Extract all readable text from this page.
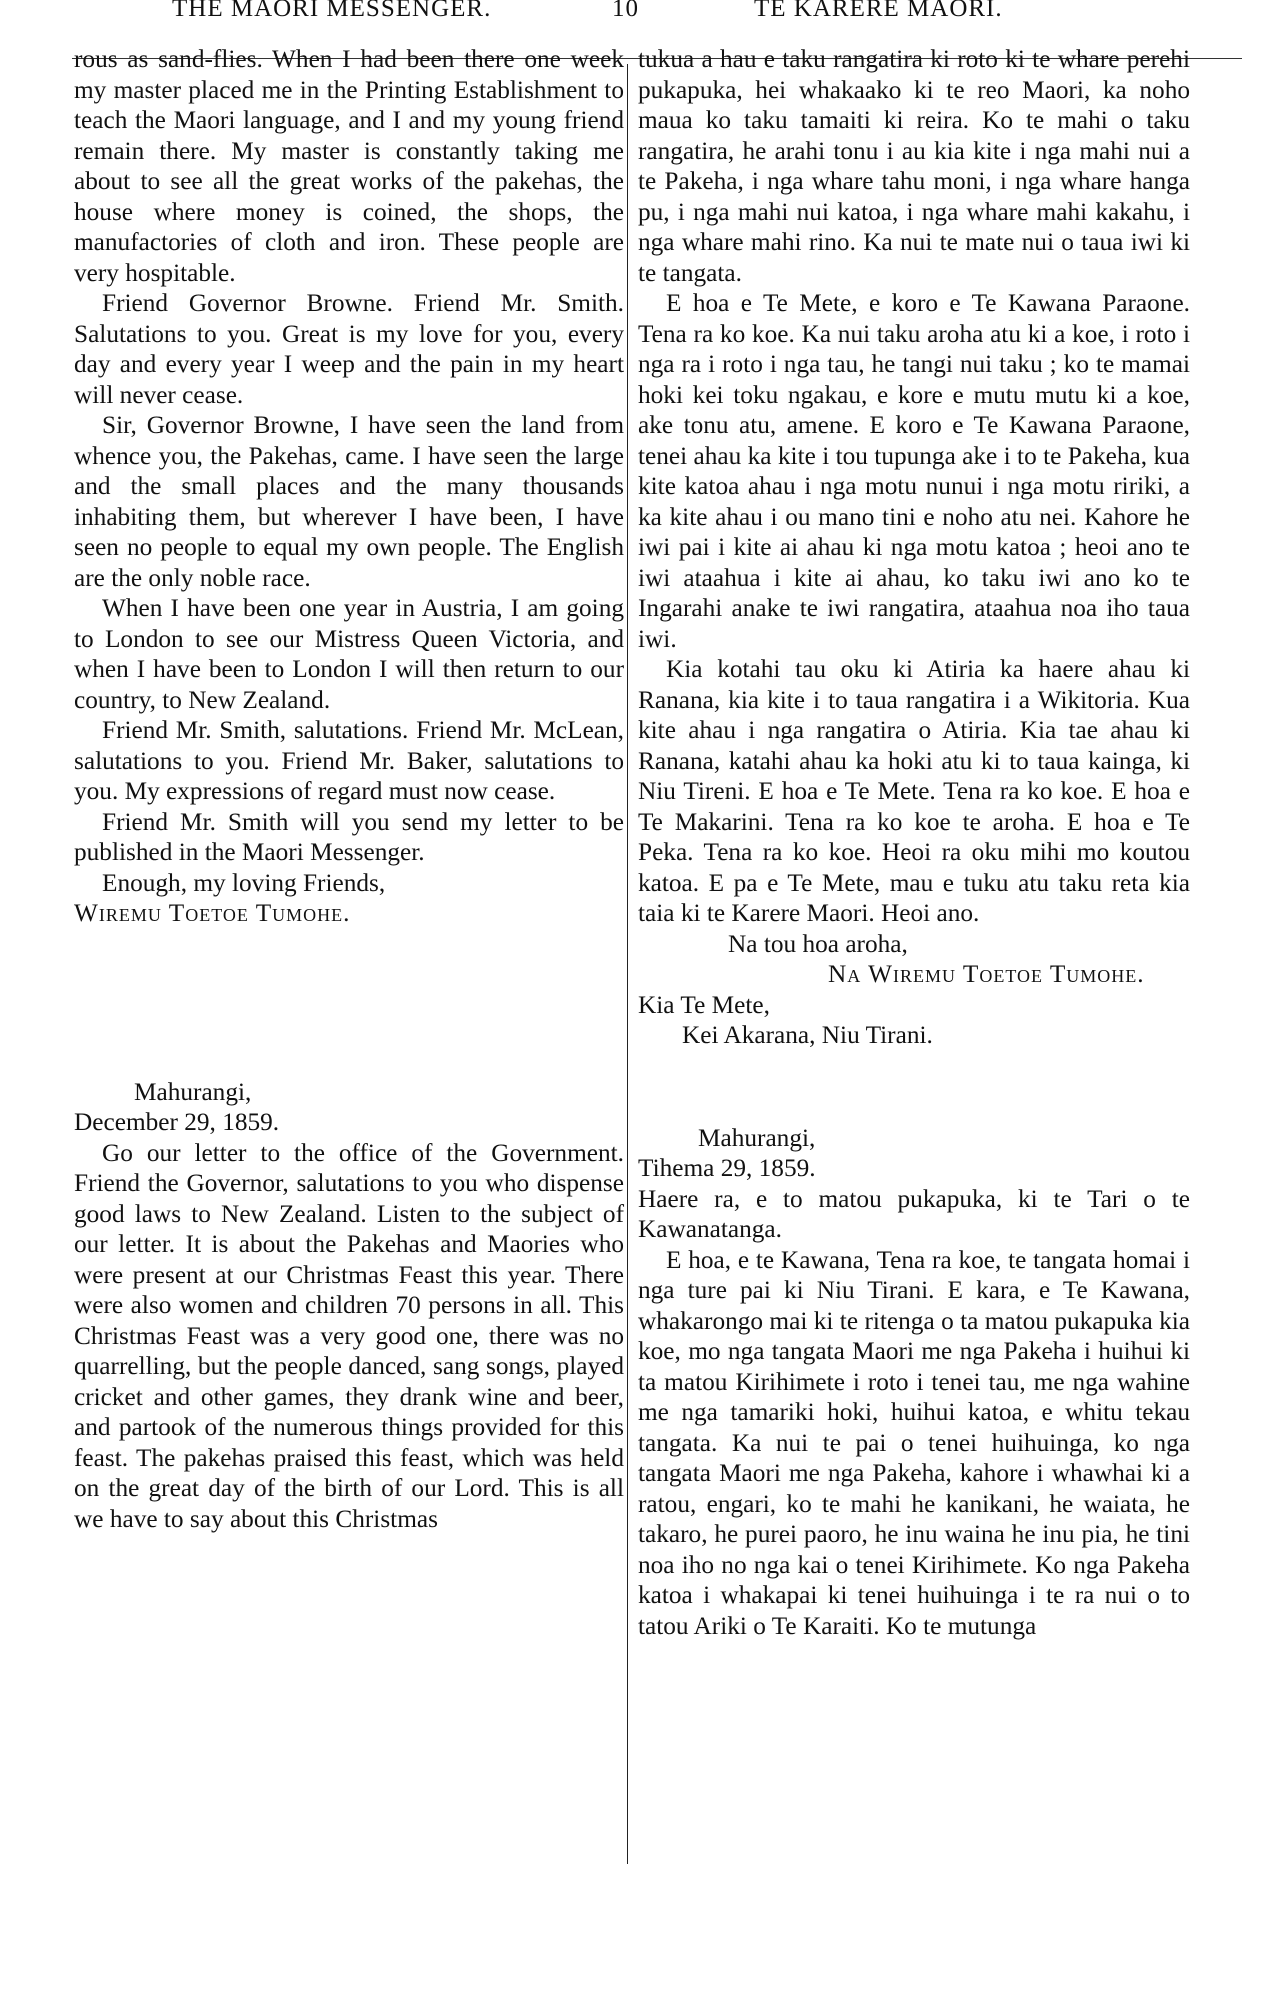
THE MAORI MESSENGER.	10	TE KARERE MAORI.

rous as sand-flies. When I had been there one week my master placed me in the Printing Establishment to teach the Maori language, and I and my young friend remain there. My master is constantly taking me about to see all the great works of the pakehas, the house where money is coined, the shops, the manufactories of cloth and iron. These people are very hospitable.

Friend Governor Browne. Friend Mr. Smith. Salutations to you. Great is my love for you, every day and every year I weep and the pain in my heart will never cease.

Sir, Governor Browne, I have seen the land from whence you, the Pakehas, came. I have seen the large and the small places and the many thousands inhabiting them, but wherever I have been, I have seen no people to equal my own people. The English are the only noble race.

When I have been one year in Austria, I am going to London to see our Mistress Queen Victoria, and when I have been to London I will then return to our country, to New Zealand.

Friend Mr. Smith, salutations. Friend Mr. McLean, salutations to you. Friend Mr. Baker, salutations to you. My expressions of regard must now cease.

Friend Mr. Smith will you send my letter to be published in the Maori Messenger.

Enough, my loving Friends,

Wiremu Toetoe Tumohe.

Mahurangi,

December 29, 1859.

Go our letter to the office of the Government. Friend the Governor, salutations to you who dispense good laws to New Zealand. Listen to the subject of our letter. It is about the Pakehas and Maories who were present at our Christmas Feast this year. There were also women and children 70 persons in all. This Christmas Feast was a very good one, there was no quarrelling, but the people danced, sang songs, played cricket and other games, they drank wine and beer, and partook of the numerous things provided for this feast. The pakehas praised this feast, which was held on the great day of the birth of our Lord. This is all we have to say about this Christmas

tukua a hau e taku rangatira ki roto ki te whare perehi pukapuka, hei whakaako ki te reo Maori, ka noho maua ko taku tamaiti ki reira. Ko te mahi o taku rangatira, he arahi tonu i au kia kite i nga mahi nui a te Pakeha, i nga whare tahu moni, i nga whare hanga pu, i nga mahi nui katoa, i nga whare mahi kakahu, i nga whare mahi rino. Ka nui te mate nui o taua iwi ki te tangata.

E hoa e Te Mete, e koro e Te Kawana Paraone. Tena ra ko koe. Ka nui taku aroha atu ki a koe, i roto i nga ra i roto i nga tau, he tangi nui taku ; ko te mamai hoki kei toku ngakau, e kore e mutu mutu ki a koe, ake tonu atu, amene. E koro e Te Kawana Paraone, tenei ahau ka kite i tou tupunga ake i to te Pakeha, kua kite katoa ahau i nga motu nunui i nga motu ririki, a ka kite ahau i ou mano tini e noho atu nei. Kahore he iwi pai i kite ai ahau ki nga motu katoa ; heoi ano te iwi ataahua i kite ai ahau, ko taku iwi ano ko te Ingarahi anake te iwi rangatira, ataahua noa iho taua iwi.

Kia kotahi tau oku ki Atiria ka haere ahau ki Ranana, kia kite i to taua rangatira i a Wikitoria. Kua kite ahau i nga rangatira o Atiria. Kia tae ahau ki Ranana, katahi ahau ka hoki atu ki to taua kainga, ki Niu Tireni. E hoa e Te Mete. Tena ra ko koe. E hoa e Te Makarini. Tena ra ko koe te aroha. E hoa e Te Peka. Tena ra ko koe. Heoi ra oku mihi mo koutou katoa. E pa e Te Mete, mau e tuku atu taku reta kia taia ki te Karere Maori. Heoi ano.

Na tou hoa aroha,

Na Wiremu Toetoe Tumohe.

Kia Te Mete,

Kei Akarana, Niu Tirani.

Mahurangi,

Tihema 29, 1859.

Haere ra, e to matou pukapuka, ki te Tari o te Kawanatanga.

E hoa, e te Kawana, Tena ra koe, te tangata homai i nga ture pai ki Niu Tirani. E kara, e Te Kawana, whakarongo mai ki te ritenga o ta matou pukapuka kia koe, mo nga tangata Maori me nga Pakeha i huihui ki ta matou Kirihimete i roto i tenei tau, me nga wahine me nga tamariki hoki, huihui katoa, e whitu tekau tangata. Ka nui te pai o tenei huihuinga, ko nga tangata Maori me nga Pakeha, kahore i whawhai ki a ratou, engari, ko te mahi he kanikani, he waiata, he takaro, he purei paoro, he inu waina he inu pia, he tini noa iho no nga kai o tenei Kirihimete. Ko nga Pakeha katoa i whakapai ki tenei huihuinga i te ra nui o to tatou Ariki o Te Karaiti. Ko te mutunga
